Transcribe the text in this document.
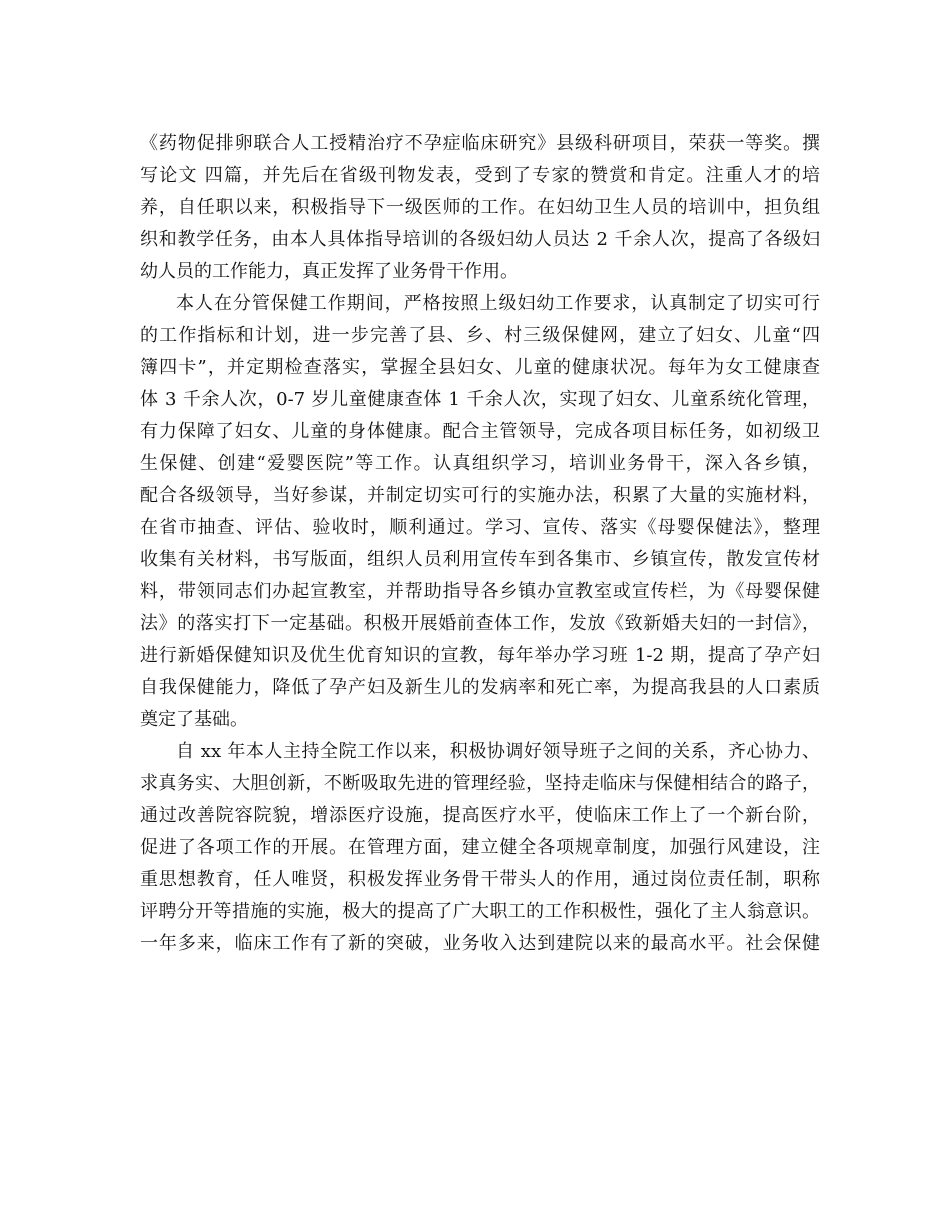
《药物促排卵联合人工授精治疗不孕症临床研究》县级科研项目，荣获一等奖。撰
写论文 四篇，并先后在省级刊物发表，受到了专家的赞赏和肯定。注重人才的培
养，自任职以来，积极指导下一级医师的工作。在妇幼卫生人员的培训中，担负组
织和教学任务，由本人具体指导培训的各级妇幼人员达 2 千余人次，提高了各级妇
幼人员的工作能力，真正发挥了业务骨干作用。
本人在分管保健工作期间，严格按照上级妇幼工作要求，认真制定了切实可行
的工作指标和计划，进一步完善了县、乡、村三级保健网，建立了妇女、儿童“四
簿四卡”，并定期检查落实，掌握全县妇女、儿童的健康状况。每年为女工健康查
体 3 千余人次，0-7 岁儿童健康查体 1 千余人次，实现了妇女、儿童系统化管理，
有力保障了妇女、儿童的身体健康。配合主管领导，完成各项目标任务，如初级卫
生保健、创建“爱婴医院”等工作。认真组织学习，培训业务骨干，深入各乡镇，
配合各级领导，当好参谋，并制定切实可行的实施办法，积累了大量的实施材料，
在省市抽查、评估、验收时，顺利通过。学习、宣传、落实《母婴保健法》，整理
收集有关材料，书写版面，组织人员利用宣传车到各集市、乡镇宣传，散发宣传材
料，带领同志们办起宣教室，并帮助指导各乡镇办宣教室或宣传栏，为《母婴保健
法》的落实打下一定基础。积极开展婚前查体工作，发放《致新婚夫妇的一封信》，
进行新婚保健知识及优生优育知识的宣教，每年举办学习班 1-2 期，提高了孕产妇
自我保健能力，降低了孕产妇及新生儿的发病率和死亡率，为提高我县的人口素质
奠定了基础。
自 xx 年本人主持全院工作以来，积极协调好领导班子之间的关系，齐心协力、
求真务实、大胆创新，不断吸取先进的管理经验，坚持走临床与保健相结合的路子，
通过改善院容院貌，增添医疗设施，提高医疗水平，使临床工作上了一个新台阶，
促进了各项工作的开展。在管理方面，建立健全各项规章制度，加强行风建设，注
重思想教育，任人唯贤，积极发挥业务骨干带头人的作用，通过岗位责任制，职称
评聘分开等措施的实施，极大的提高了广大职工的工作积极性，强化了主人翁意识。
一年多来，临床工作有了新的突破，业务收入达到建院以来的最高水平。社会保健
